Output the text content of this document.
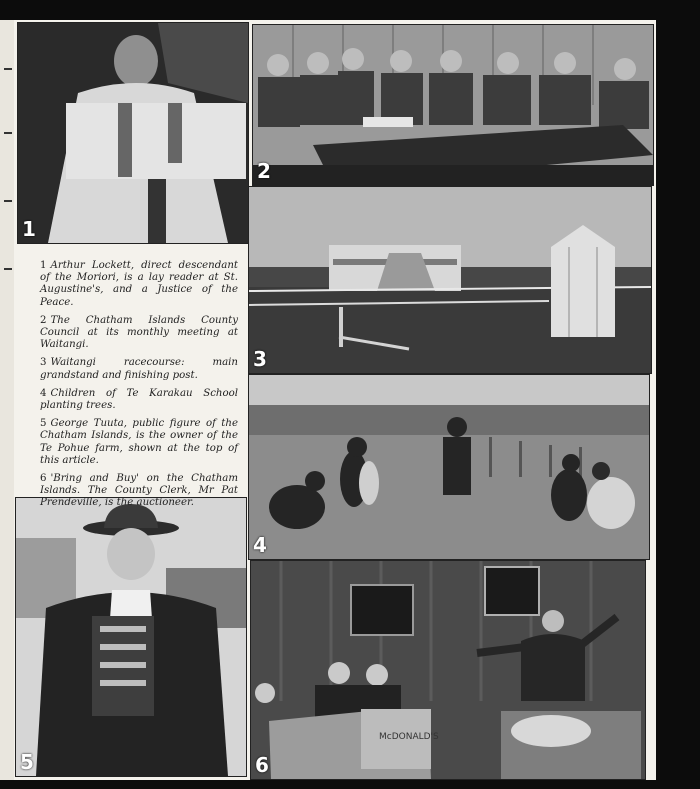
1
2
3
4
5
McDONALD'S
6

1 Arthur Lockett, direct descendant of the Moriori, is a lay reader at St. Augustine's, and a Justice of the Peace.

2 The Chatham Islands County Council at its monthly meeting at Waitangi.

3 Waitangi racecourse: main grandstand and finishing post.

4 Children of Te Karakau School planting trees.

5 George Tuuta, public figure of the Chatham Islands, is the owner of the Te Pohue farm, shown at the top of this article.

6 'Bring and Buy' on the Chatham Islands. The County Clerk, Mr Pat Prendeville, is the auctioneer.
